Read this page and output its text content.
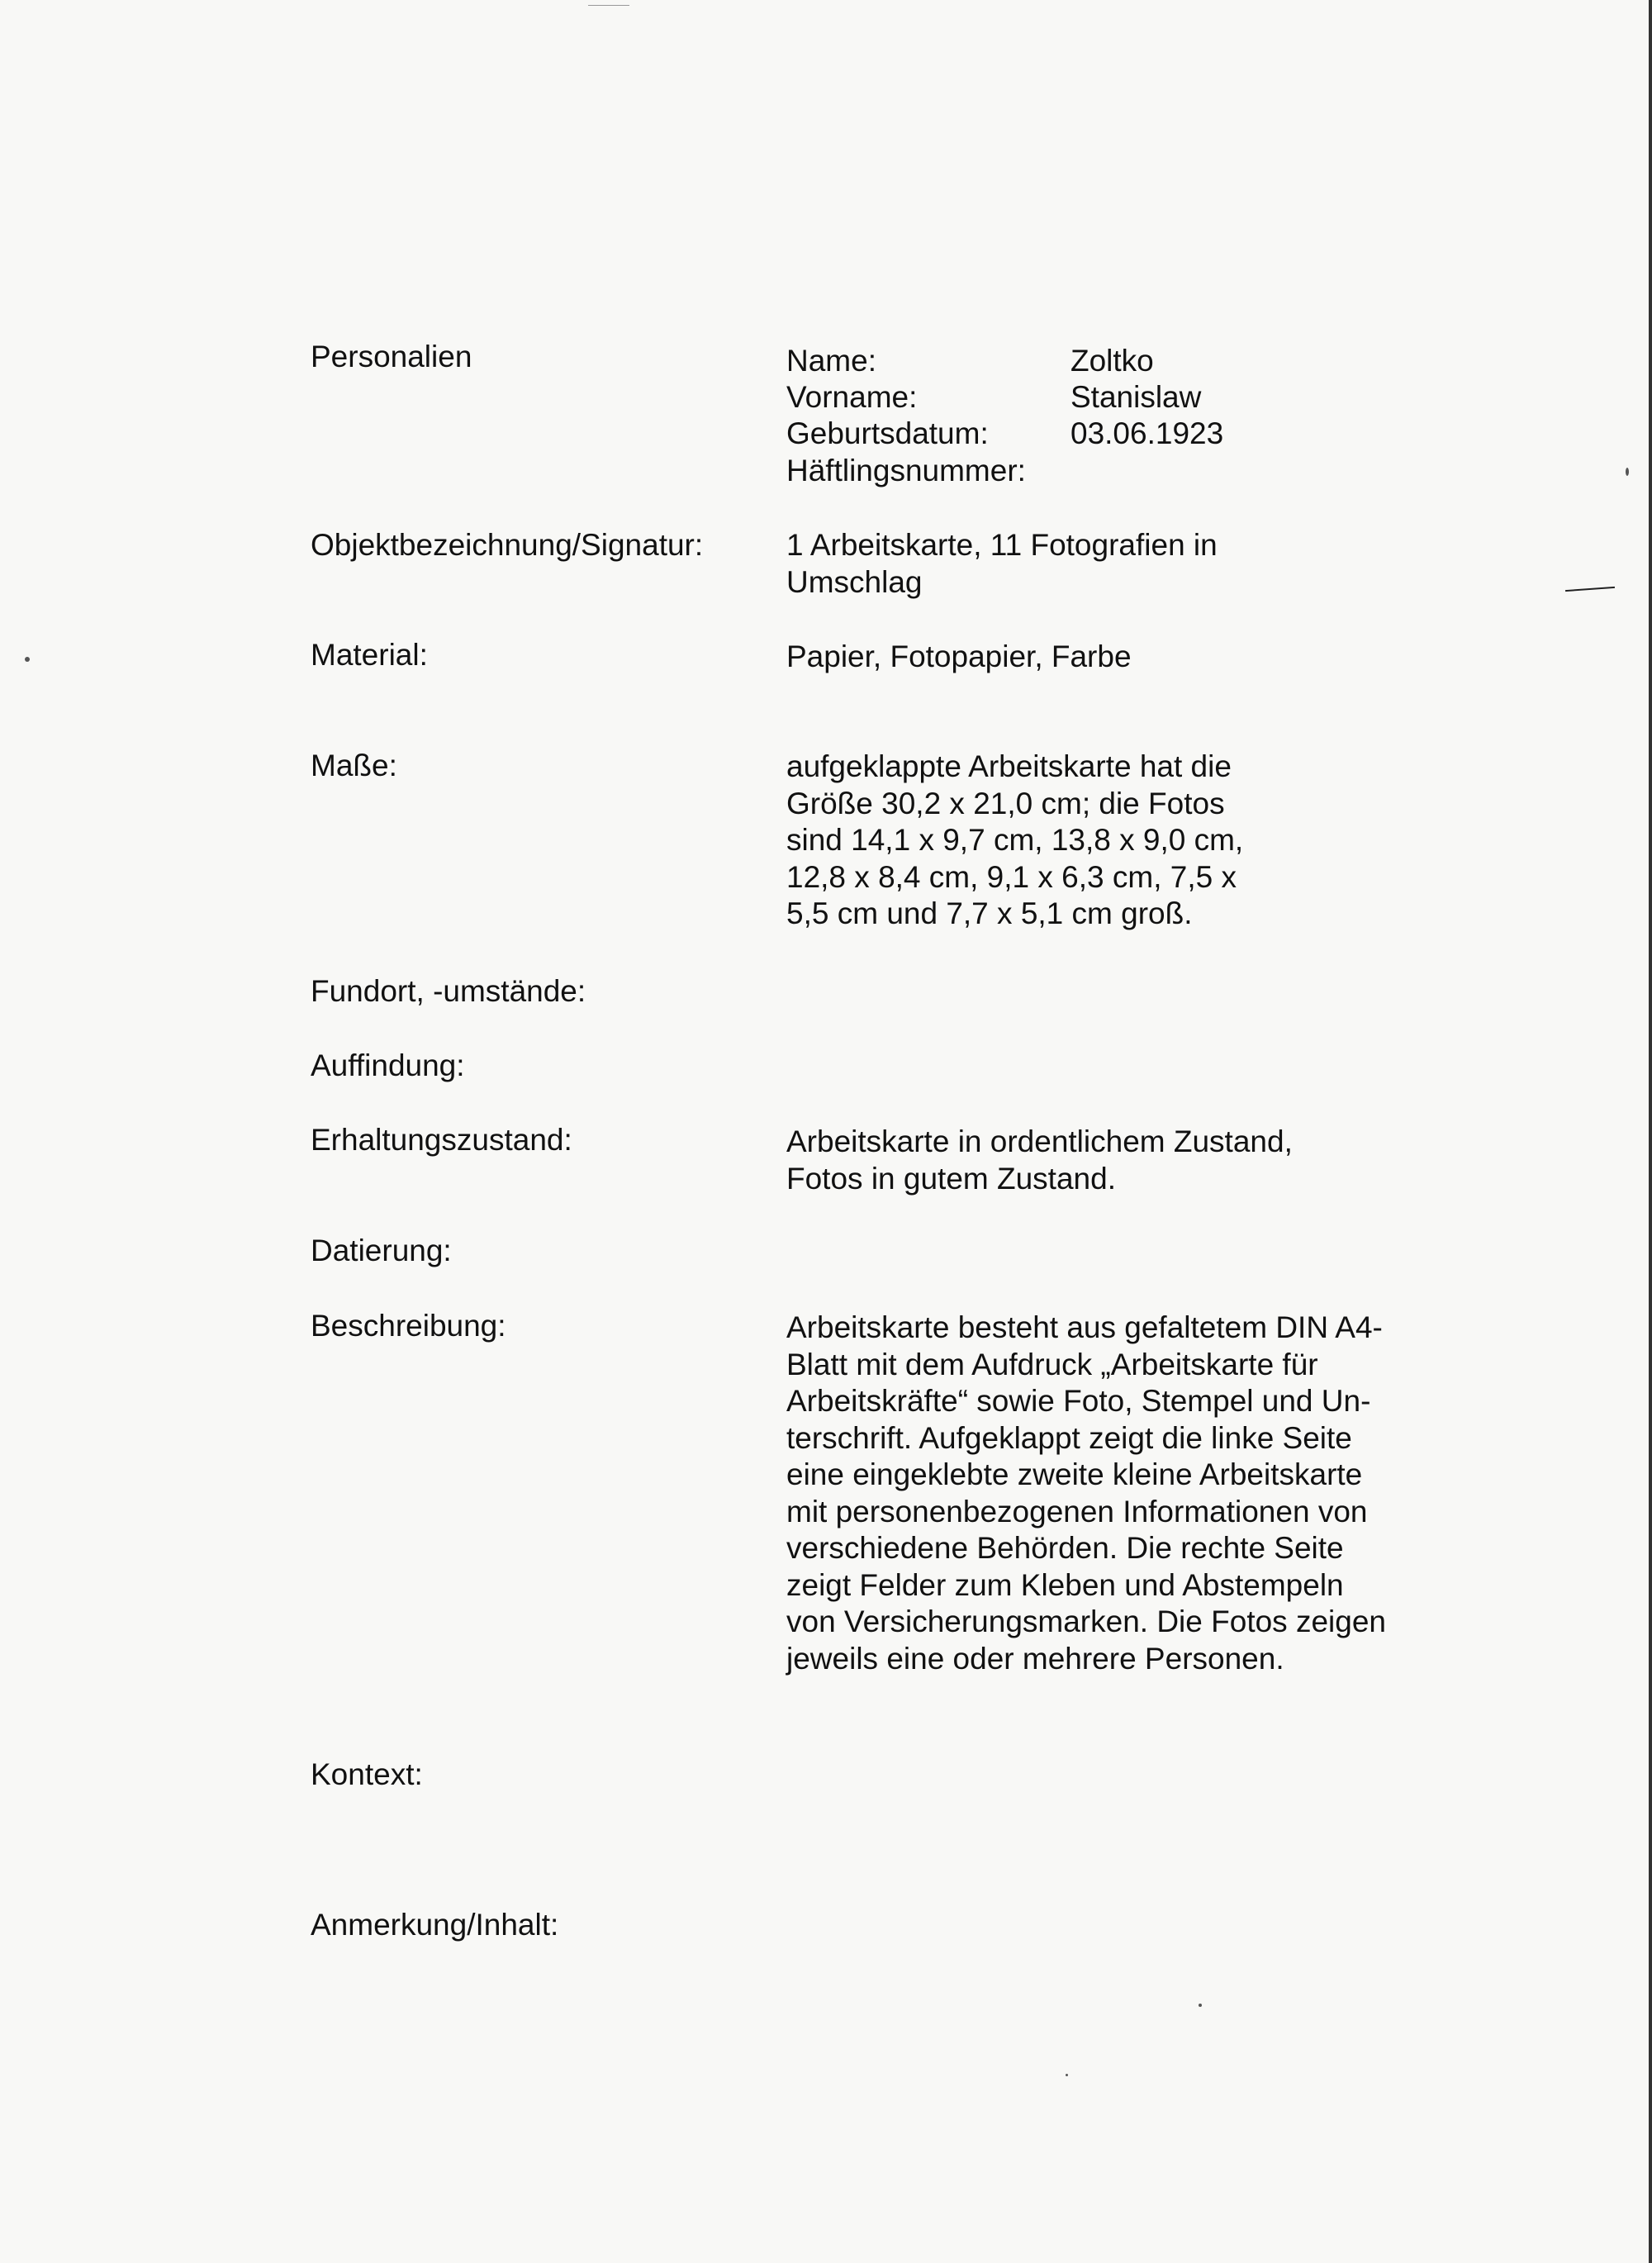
Personalien	Name:	Zoltko
Vorname:	Stanislaw
Geburtsdatum:	03.06.1923
Häftlingsnummer:
Objektbezeichnung/Signatur:	1 Arbeitskarte, 11 Fotografien in

Umschlag

Material:	Papier, Fotopapier, Farbe

Maße:	aufgeklappte Arbeitskarte hat die

Größe 30,2 x 21,0 cm; die Fotos

sind 14,1 x 9,7 cm, 13,8 x 9,0 cm,

12,8 x 8,4 cm, 9,1 x 6,3 cm, 7,5 x

5,5 cm und 7,7 x 5,1 cm groß.

Fundort, -umstände:
Auffindung:
Erhaltungszustand:	Arbeitskarte in ordentlichem Zustand,

Fotos in gutem Zustand.

Datierung:
Beschreibung:	Arbeitskarte besteht aus gefaltetem DIN A4-

Blatt mit dem Aufdruck „Arbeitskarte für

Arbeitskräfte“ sowie Foto, Stempel und Un-

terschrift. Aufgeklappt zeigt die linke Seite

eine eingeklebte zweite kleine Arbeitskarte

mit personenbezogenen Informationen von

verschiedene Behörden. Die rechte Seite

zeigt Felder zum Kleben und Abstempeln

von Versicherungsmarken. Die Fotos zeigen

jeweils eine oder mehrere Personen.

Kontext:
Anmerkung/Inhalt:
